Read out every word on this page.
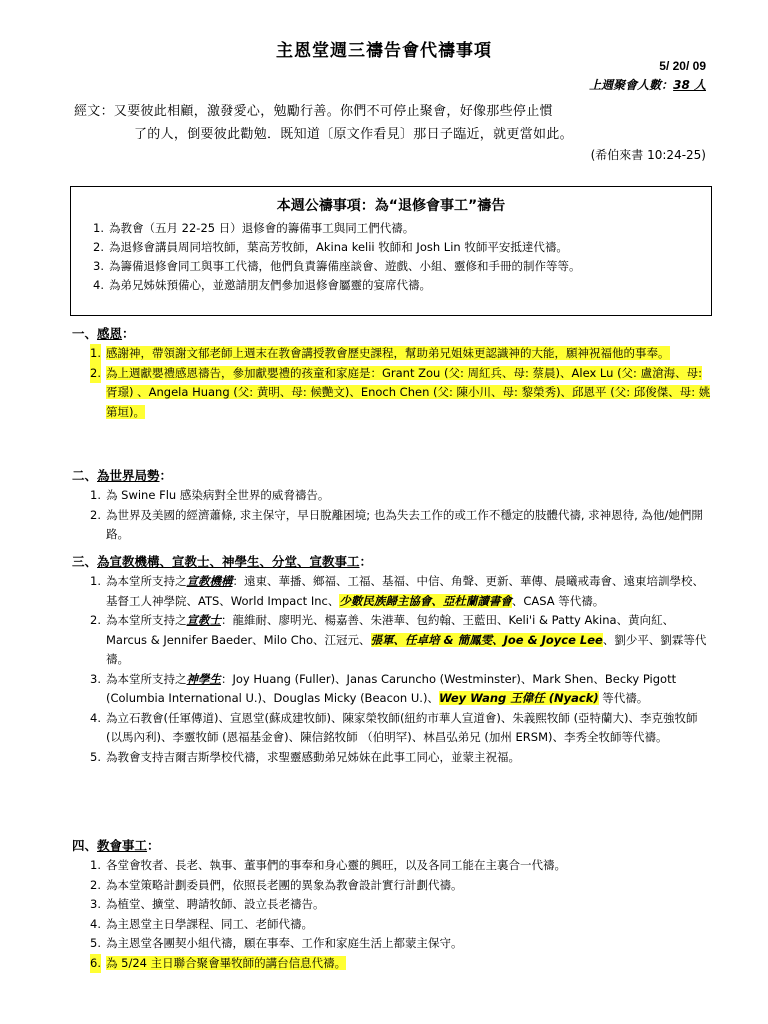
主恩堂週三禱告會代禱事項
5/ 20/ 09
上週聚會人數：38 人
經文：又要彼此相顧，激發愛心，勉勵行善。你們不可停止聚會，好像那些停止慣
了的人，倒要彼此勸勉．既知道〔原文作看見〕那日子臨近，就更當如此。
(希伯來書 10:24-25)
本週公禱事項：為“退修會事工”禱告
1. 為教會（五月 22-25 日）退修會的籌備事工與同工們代禱。
2. 為退修會講員周同培牧師，葉高芳牧師，Akina kelii 牧師和 Josh Lin 牧師平安抵達代禱。
3. 為籌備退修會同工與事工代禱，他們負責籌備座談會、遊戲、小組、靈修和手冊的制作等等。
4. 為弟兄姊妹預備心，並邀請朋友們參加退修會屬靈的宴席代禱。
一、感恩：
1. 感謝神，帶領謝文郁老師上週末在教會講授教會歷史課程，幫助弟兄姐妹更認識神的大能，願神祝福他的事奉。
2. 為上週獻嬰禮感恩禱告，參加獻嬰禮的孩童和家庭是：Grant Zou (父: 周紅兵、母: 蔡晨)、Alex Lu (父: 盧滄海、母: 胥璟) 、Angela Huang (父: 黄明、母: 候艷文)、Enoch Chen (父: 陳小川、母: 黎榮秀)、邱恩平 (父: 邱俊傑、母: 姚第垣)。
二、為世界局勢：
1. 為 Swine Flu 感染病對全世界的威脅禱告。
2. 為世界及美國的經濟蕭條, 求主保守，早日脫離困境; 也為失去工作的或工作不穩定的肢體代禱, 求神恩待, 為他/她們開路。
三、為宣教機構、宣教士、神學生、分堂、宣教事工：
1. 為本堂所支持之宣教機構：遠東、華播、鄉福、工福、基福、中信、角聲、更新、華傳、晨曦戒毒會、遠東培訓學校、基督工人神學院、ATS、World Impact Inc、少數民族歸主協會、亞杜蘭讀書會、CASA 等代禱。
2. 為本堂所支持之宣教士：龍維耐、廖明光、楊嘉善、朱港華、包約翰、王藍田、Keli'i & Patty Akina、黄向紅、Marcus & Jennifer Baeder、Milo Cho、江冠元、張軍、任卓培 & 簡鳳雯、Joe & Joyce Lee、劉少平、劉霖等代禱。
3. 為本堂所支持之神學生：Joy Huang (Fuller)、Janas Caruncho (Westminster)、Mark Shen、Becky Pigott (Columbia International U.)、Douglas Micky (Beacon U.)、Wey Wang 王偉任 (Nyack) 等代禱。
4. 為立石教會(任軍傳道)、宣恩堂(蘇成建牧師)、陳家榮牧師(紐約市華人宣道會)、朱義熙牧師 (亞特蘭大)、李克強牧師 (以馬內利)、李靈牧師 (恩福基金會)、陳信銘牧師 （伯明罕)、林昌弘弟兄 (加州 ERSM)、李秀全牧師等代禱。
5. 為教會支持吉爾吉斯學校代禱，求聖靈感動弟兄姊妹在此事工同心，並蒙主祝福。
四、教會事工：
1. 各堂會牧者、長老、執事、董事們的事奉和身心靈的興旺，以及各同工能在主裏合一代禱。
2. 為本堂策略計劃委員們，依照長老團的異象為教會設計實行計劃代禱。
3. 為植堂、擴堂、聘請牧師、設立長老禱告。
4. 為主恩堂主日學課程、同工、老師代禱。
5. 為主恩堂各團契小組代禱，願在事奉、工作和家庭生活上都蒙主保守。
6. 為 5/24 主日聯合聚會畢牧師的講台信息代禱。
